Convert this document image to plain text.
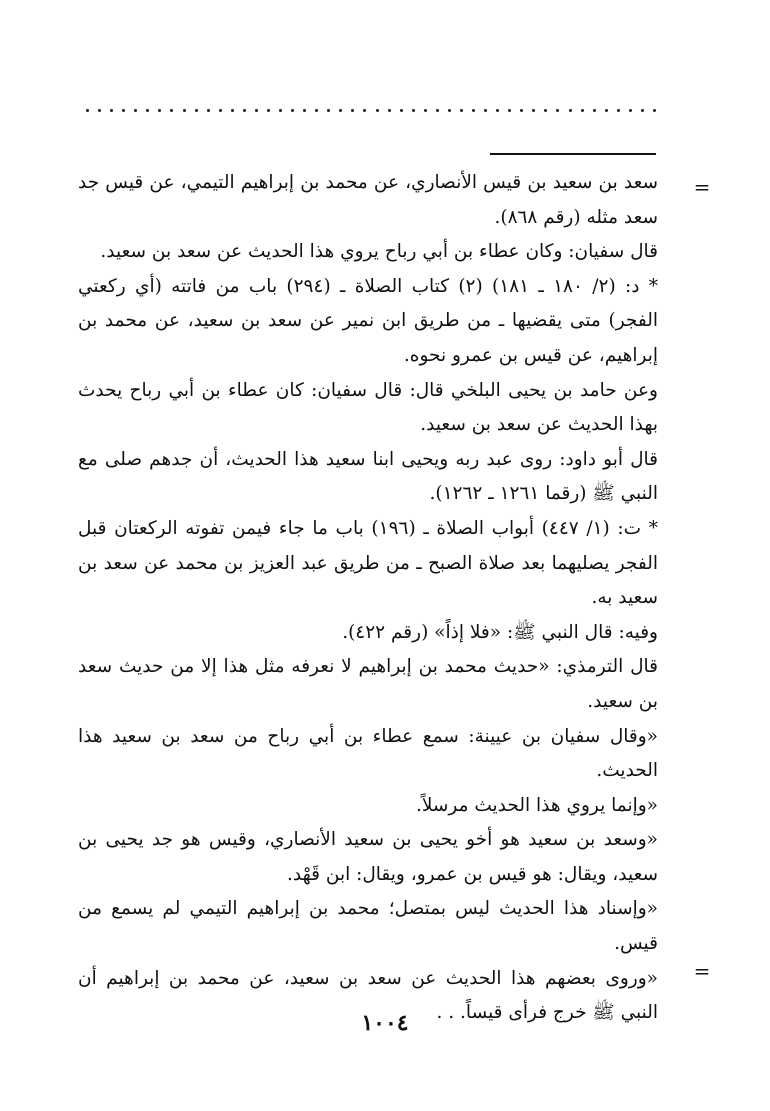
=

سعد بن سعيد بن قيس الأنصاري، عن محمد بن إبراهيم التيمي، عن قيس جد سعد مثله (رقم ٨٦٨).

قال سفيان: وكان عطاء بن أبي رباح يروي هذا الحديث عن سعد بن سعيد.

* د: (٢/ ١٨٠ ـ ١٨١) (٢) كتاب الصلاة ـ (٢٩٤) باب من فاتته (أي ركعتي الفجر) متى يقضيها ـ من طريق ابن نمير عن سعد بن سعيد، عن محمد بن إبراهيم، عن قيس بن عمرو نحوه.

وعن حامد بن يحيى البلخي قال: قال سفيان: كان عطاء بن أبي رباح يحدث بهذا الحديث عن سعد بن سعيد.

قال أبو داود: روى عبد ربه ويحيى ابنا سعيد هذا الحديث، أن جدهم صلى مع النبي ﷺ (رقما ١٢٦١ ـ ١٢٦٢).

* ت: (١/ ٤٤٧) أبواب الصلاة ـ (١٩٦) باب ما جاء فيمن تفوته الركعتان قبل الفجر يصليهما بعد صلاة الصبح ـ من طريق عبد العزيز بن محمد عن سعد بن سعيد به.

وفيه: قال النبي ﷺ: «فلا إذاً» (رقم ٤٢٢).

قال الترمذي: «حديث محمد بن إبراهيم لا نعرفه مثل هذا إلا من حديث سعد بن سعيد.

«وقال سفيان بن عيينة: سمع عطاء بن أبي رباح من سعد بن سعيد هذا الحديث.

«وإنما يروي هذا الحديث مرسلاً.

«وسعد بن سعيد هو أخو يحيى بن سعيد الأنصاري، وقيس هو جد يحيى بن سعيد، ويقال: هو قيس بن عمرو، ويقال: ابن قَهْد.

«وإسناد هذا الحديث ليس بمتصل؛ محمد بن إبراهيم التيمي لم يسمع من قيس.

«وروى بعضهم هذا الحديث عن سعد بن سعيد، عن محمد بن إبراهيم أن النبي ﷺ خرج فرأى قيساً. . .

=
١٠٠٤
